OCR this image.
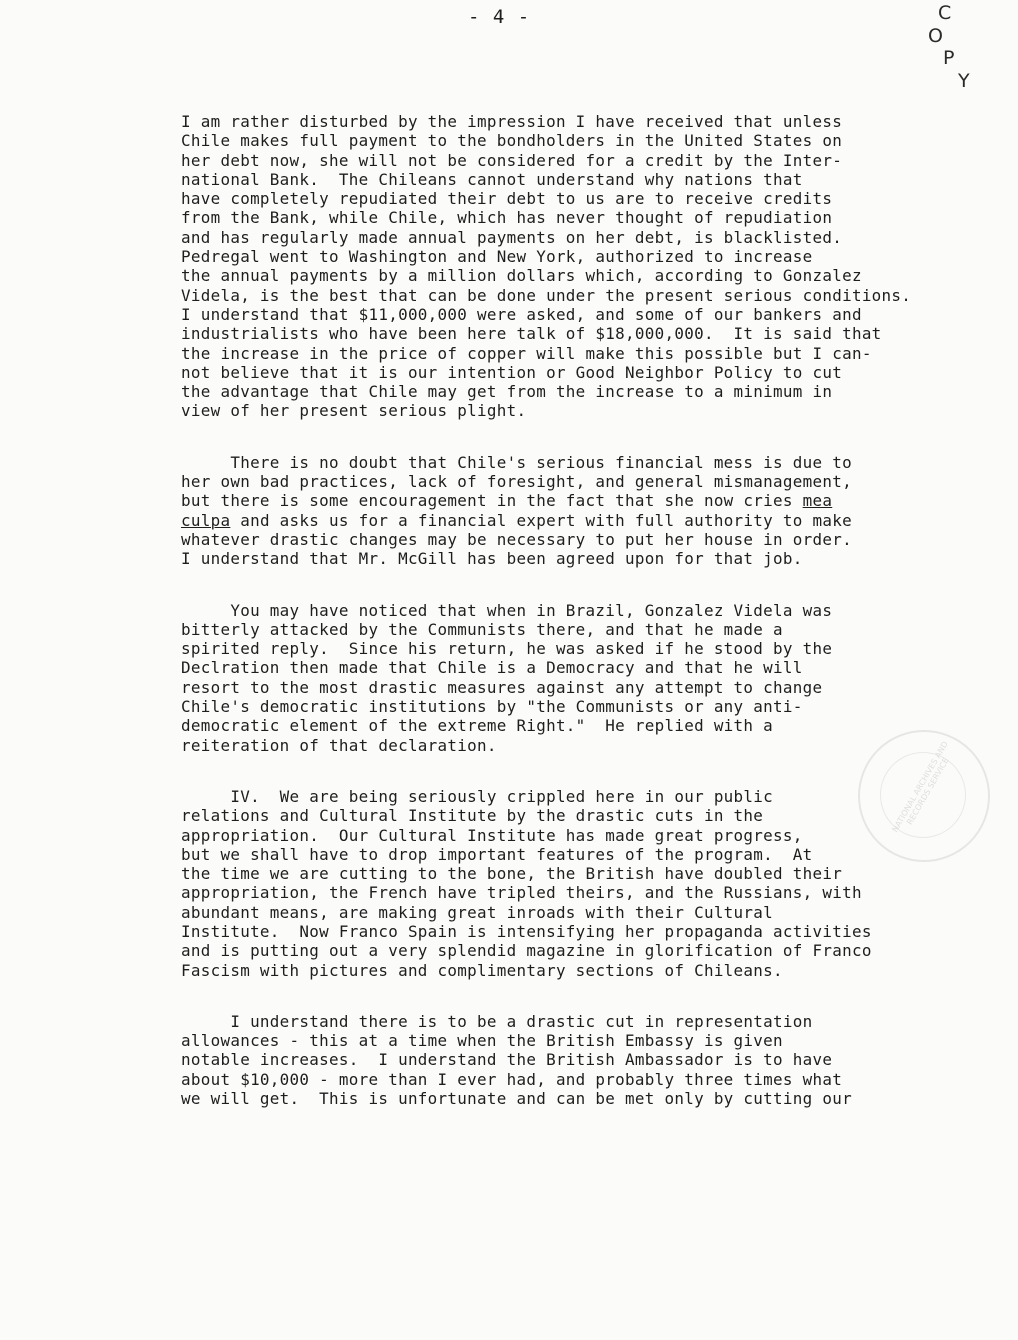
- 4 -	C
O
P
Y
NATIONAL ARCHIVES AND RECORDS SERVICE
I am rather disturbed by the impression I have received that unless
Chile makes full payment to the bondholders in the United States on
her debt now, she will not be considered for a credit by the Inter-
national Bank.  The Chileans cannot understand why nations that
have completely repudiated their debt to us are to receive credits
from the Bank, while Chile, which has never thought of repudiation
and has regularly made annual payments on her debt, is blacklisted.
Pedregal went to Washington and New York, authorized to increase
the annual payments by a million dollars which, according to Gonzalez
Videla, is the best that can be done under the present serious conditions.
I understand that $11,000,000 were asked, and some of our bankers and
industrialists who have been here talk of $18,000,000.  It is said that
the increase in the price of copper will make this possible but I can-
not believe that it is our intention or Good Neighbor Policy to cut
the advantage that Chile may get from the increase to a minimum in
view of her present serious plight.
There is no doubt that Chile's serious financial mess is due to
her own bad practices, lack of foresight, and general mismanagement,
but there is some encouragement in the fact that she now cries mea
culpa and asks us for a financial expert with full authority to make
whatever drastic changes may be necessary to put her house in order.
I understand that Mr. McGill has been agreed upon for that job.
You may have noticed that when in Brazil, Gonzalez Videla was
bitterly attacked by the Communists there, and that he made a
spirited reply.  Since his return, he was asked if he stood by the
Declration then made that Chile is a Democracy and that he will
resort to the most drastic measures against any attempt to change
Chile's democratic institutions by "the Communists or any anti-
democratic element of the extreme Right."  He replied with a
reiteration of that declaration.
IV.  We are being seriously crippled here in our public
relations and Cultural Institute by the drastic cuts in the
appropriation.  Our Cultural Institute has made great progress,
but we shall have to drop important features of the program.  At
the time we are cutting to the bone, the British have doubled their
appropriation, the French have tripled theirs, and the Russians, with
abundant means, are making great inroads with their Cultural
Institute.  Now Franco Spain is intensifying her propaganda activities
and is putting out a very splendid magazine in glorification of Franco
Fascism with pictures and complimentary sections of Chileans.
I understand there is to be a drastic cut in representation
allowances - this at a time when the British Embassy is given
notable increases.  I understand the British Ambassador is to have
about $10,000 - more than I ever had, and probably three times what
we will get.  This is unfortunate and can be met only by cutting our
